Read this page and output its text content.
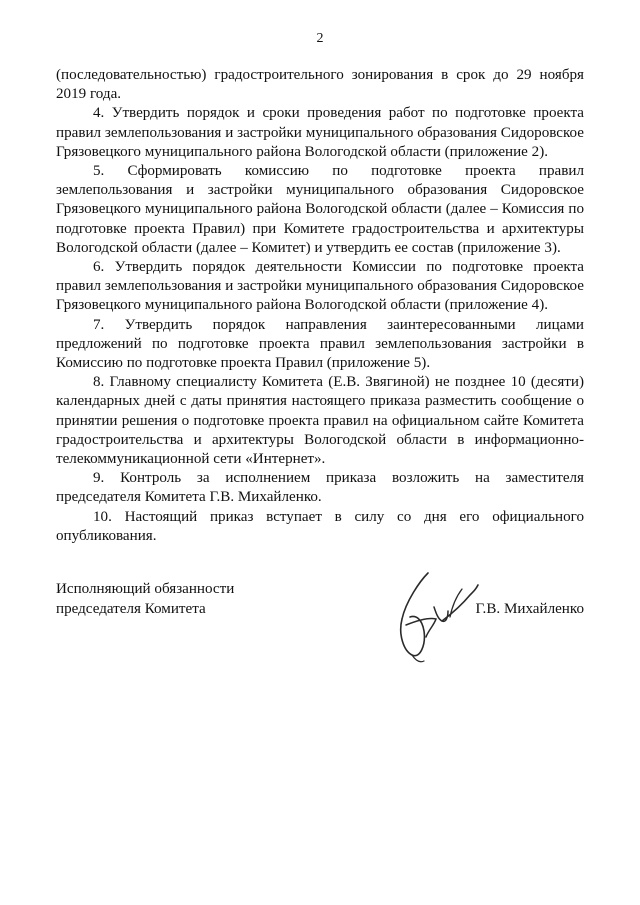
2

(последовательностью) градостроительного зонирования в срок до 29 ноября 2019 года.

4. Утвердить порядок и сроки проведения работ по подготовке проекта правил землепользования и застройки муниципального образования Сидоровское Грязовецкого муниципального района Вологодской области (приложение 2).

5. Сформировать комиссию по подготовке проекта правил землепользования и застройки муниципального образования Сидоровское Грязовецкого муниципального района Вологодской области (далее – Комиссия по подготовке проекта Правил) при Комитете градостроительства и архитектуры Вологодской области (далее – Комитет) и утвердить ее состав (приложение 3).

6. Утвердить порядок деятельности Комиссии по подготовке проекта правил землепользования и застройки муниципального образования Сидоровское Грязовецкого муниципального района Вологодской области (приложение 4).

7. Утвердить порядок направления заинтересованными лицами предложений по подготовке проекта правил землепользования застройки в Комиссию по подготовке проекта Правил (приложение 5).

8. Главному специалисту Комитета (Е.В. Звягиной) не позднее 10 (десяти) календарных дней с даты принятия настоящего приказа разместить сообщение о принятии решения о подготовке проекта правил на официальном сайте Комитета градостроительства и архитектуры Вологодской области в информационно-телекоммуникационной сети «Интернет».

9. Контроль за исполнением приказа возложить на заместителя председателя Комитета Г.В. Михайленко.

10. Настоящий приказ вступает в силу со дня его официального опубликования.

Исполняющий обязанности
председателя Комитета	Г.В. Михайленко
